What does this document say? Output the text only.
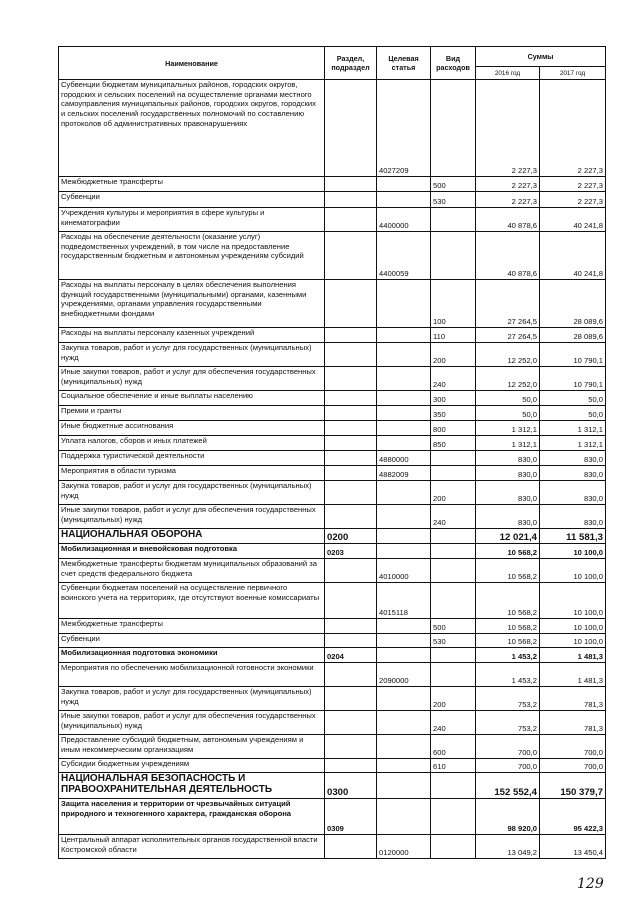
Наименование	Раздел, подраздел	Целевая статья	Вид расходов	Суммы	
				2016 год	2017 год
Субвенции бюджетам муниципальных районов, городских округов, городских и сельских поселений на осуществление органами местного самоуправления муниципальных районов, городских округов, городских и сельских поселений государственных полномочий по составлению протоколов об административных правонарушениях		4027209		2 227,3	2 227,3
Межбюджетные трансферты			500	2 227,3	2 227,3
Субвенции			530	2 227,3	2 227,3
Учреждения культуры и мероприятия в сфере культуры и кинематографии		4400000		40 878,6	40 241,8
Расходы на обеспечение деятельности (оказание услуг) подведомственных учреждений, в том числе на предоставление государственным бюджетным и автономным учреждениям субсидий		4400059		40 878,6	40 241,8
Расходы на выплаты персоналу в целях обеспечения выполнения функций государственными (муниципальными) органами, казенными учреждениями, органами управления государственными внебюджетными фондами			100	27 264,5	28 089,6
Расходы на выплаты персоналу казенных учреждений			110	27 264,5	28 089,6
Закупка товаров, работ и услуг для государственных (муниципальных) нужд			200	12 252,0	10 790,1
Иные закупки товаров, работ и услуг для обеспечения государственных (муниципальных) нужд			240	12 252,0	10 790,1
Социальное обеспечение и иные выплаты населению			300	50,0	50,0
Премии и гранты			350	50,0	50,0
Иные бюджетные ассигнования			800	1 312,1	1 312,1
Уплата налогов, сборов и иных платежей			850	1 312,1	1 312,1
Поддержка туристической деятельности		4880000		830,0	830,0
Мероприятия в области туризма		4882009		830,0	830,0
Закупка товаров, работ и услуг для государственных (муниципальных) нужд			200	830,0	830,0
Иные закупки товаров, работ и услуг для обеспечения государственных (муниципальных) нужд			240	830,0	830,0
НАЦИОНАЛЬНАЯ ОБОРОНА	0200			12 021,4	11 581,3
Мобилизационная и вневойсковая подготовка	0203			10 568,2	10 100,0
Межбюджетные трансферты бюджетам муниципальных образований за счет средств федерального бюджета		4010000		10 568,2	10 100,0
Субвенции бюджетам поселений на осуществление первичного воинского учета на территориях, где отсутствуют военные комиссариаты		4015118		10 568,2	10 100,0
Межбюджетные трансферты			500	10 568,2	10 100,0
Субвенции			530	10 568,2	10 100,0
Мобилизационная подготовка экономики	0204			1 453,2	1 481,3
Мероприятия по обеспечению мобилизационной готовности экономики		2090000		1 453,2	1 481,3
Закупка товаров, работ и услуг для государственных (муниципальных) нужд			200	753,2	781,3
Иные закупки товаров, работ и услуг для обеспечения государственных (муниципальных) нужд			240	753,2	781,3
Предоставление субсидий бюджетным, автономным учреждениям и иным некоммерческим организациям			600	700,0	700,0
Субсидии бюджетным учреждениям			610	700,0	700,0
НАЦИОНАЛЬНАЯ БЕЗОПАСНОСТЬ И ПРАВООХРАНИТЕЛЬНАЯ ДЕЯТЕЛЬНОСТЬ	0300			152 552,4	150 379,7
Защита населения и территории от чрезвычайных ситуаций природного и техногенного характера, гражданская оборона	0309			98 920,0	95 422,3
Центральный аппарат исполнительных органов государственной власти Костромской области		0120000		13 049,2	13 450,4
129
